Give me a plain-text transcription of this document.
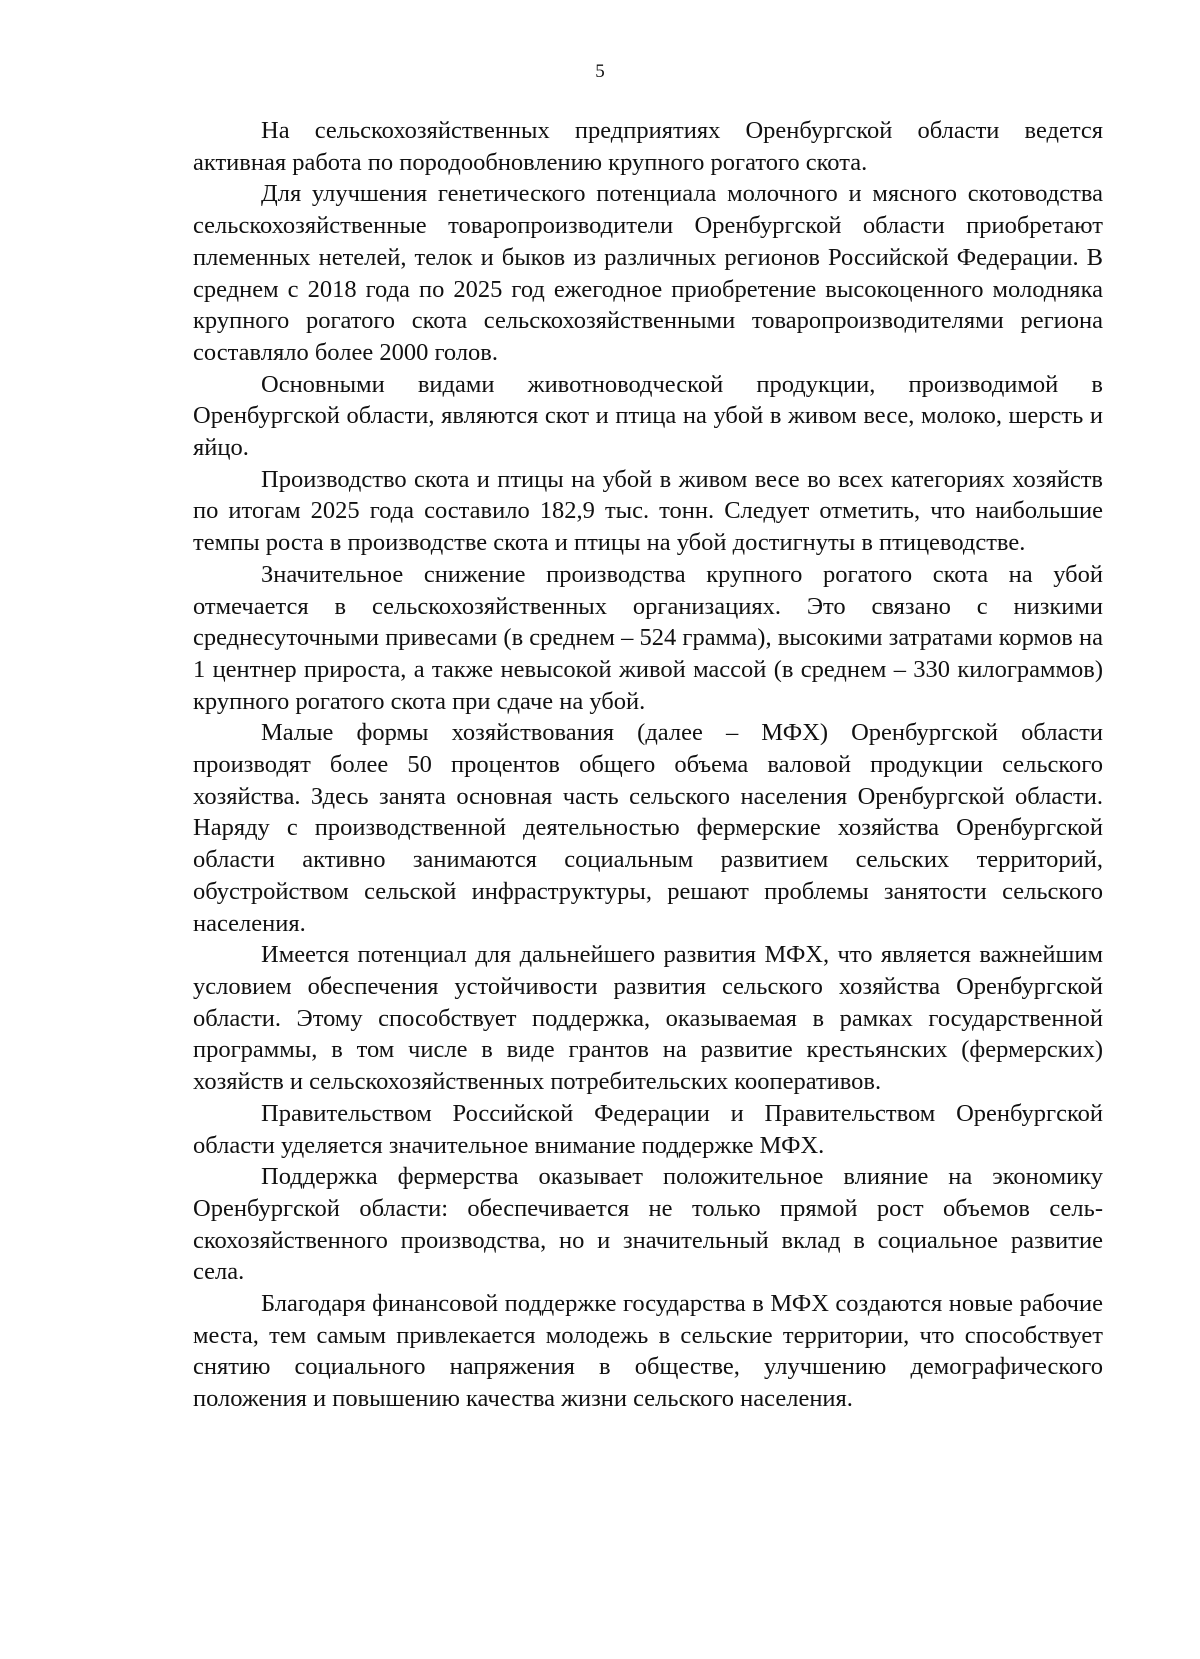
5

На сельскохозяйственных предприятиях Оренбургской области ведется активная работа по породообновлению крупного рогатого скота.

Для улучшения генетического потенциала молочного и мясного скотоводства сельскохозяйственные товаропроизводители Оренбургской области приобретают племенных нетелей, телок и быков из различных регионов Российской Федерации. В среднем с 2018 года по 2025 год ежегодное приобретение высокоценного молодняка крупного рогатого скота сельскохозяйственными товаропроизводителями региона составляло более 2000 голов.

Основными видами животноводческой продукции, производимой в Оренбургской области, являются скот и птица на убой в живом весе, молоко, шерсть и яйцо.

Производство скота и птицы на убой в живом весе во всех категориях хозяйств по итогам 2025 года составило 182,9 тыс. тонн. Следует отметить, что наибольшие темпы роста в производстве скота и птицы на убой достигнуты в птицеводстве.

Значительное снижение производства крупного рогатого скота на убой отмечается в сельскохозяйственных организациях. Это связано с низкими среднесуточными привесами (в среднем – 524 грамма), высокими затратами кормов на 1 центнер прироста, а также невысокой живой массой (в среднем – 330 килограммов) крупного рогатого скота при сдаче на убой.

Малые формы хозяйствования (далее – МФХ) Оренбургской области производят более 50 процентов общего объема валовой продукции сельского хозяйства. Здесь занята основная часть сельского населения Оренбургской области. Наряду с производственной деятельностью фермерские хозяйства Оренбургской области активно занимаются социальным развитием сельских территорий, обустройством сельской инфраструктуры, решают проблемы занятости сельского населения.

Имеется потенциал для дальнейшего развития МФХ, что является важнейшим условием обеспечения устойчивости развития сельского хозяйства Оренбургской области. Этому способствует поддержка, оказываемая в рамках государственной программы, в том числе в виде грантов на развитие крестьянских (фермерских) хозяйств и сельскохозяйственных потребительских кооперативов.

Правительством Российской Федерации и Правительством Оренбургской области уделяется значительное внимание поддержке МФХ.

Поддержка фермерства оказывает положительное влияние на экономику Оренбургской области: обеспечивается не только прямой рост объемов сельскохозяйственного производства, но и значительный вклад в социальное развитие села.

Благодаря финансовой поддержке государства в МФХ создаются новые рабочие места, тем самым привлекается молодежь в сельские территории, что способствует снятию социального напряжения в обществе, улучшению демографического положения и повышению качества жизни сельского населения.
